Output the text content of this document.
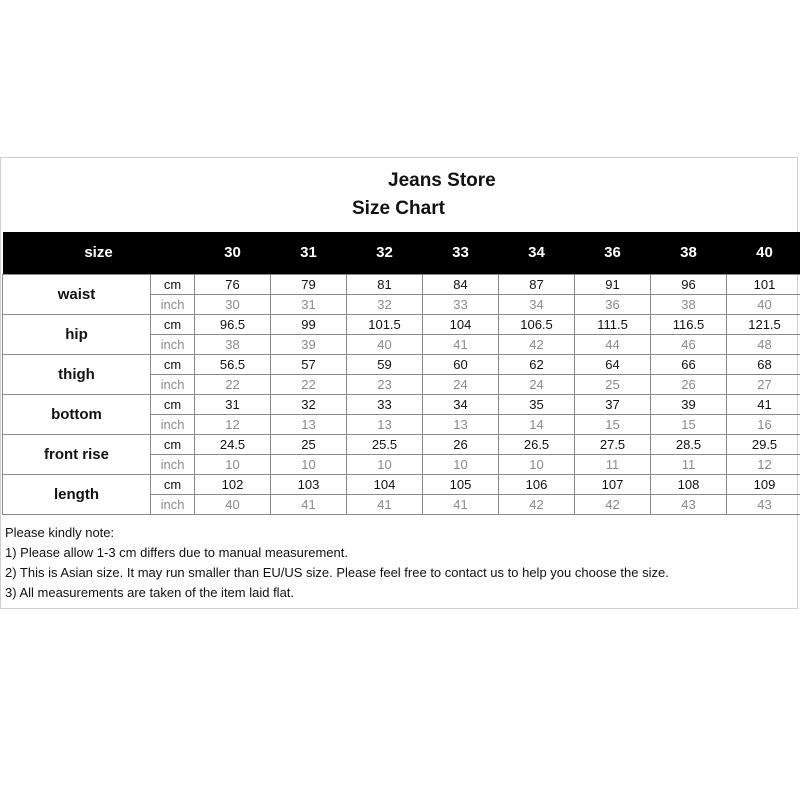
Jeans Store
Size Chart
size		30	31	32	33	34	36	38	40
waist	cm	76	79	81	84	87	91	96	101
	inch	30	31	32	33	34	36	38	40
hip	cm	96.5	99	101.5	104	106.5	111.5	116.5	121.5
	inch	38	39	40	41	42	44	46	48
thigh	cm	56.5	57	59	60	62	64	66	68
	inch	22	22	23	24	24	25	26	27
bottom	cm	31	32	33	34	35	37	39	41
	inch	12	13	13	13	14	15	15	16
front rise	cm	24.5	25	25.5	26	26.5	27.5	28.5	29.5
	inch	10	10	10	10	10	11	11	12
length	cm	102	103	104	105	106	107	108	109
	inch	40	41	41	41	42	42	43	43
Please kindly note:
1) Please allow 1-3 cm differs due to manual measurement.
2) This is Asian size. It may run smaller than EU/US size. Please feel free to contact us to help you choose the size.
3) All measurements are taken of the item laid flat.
